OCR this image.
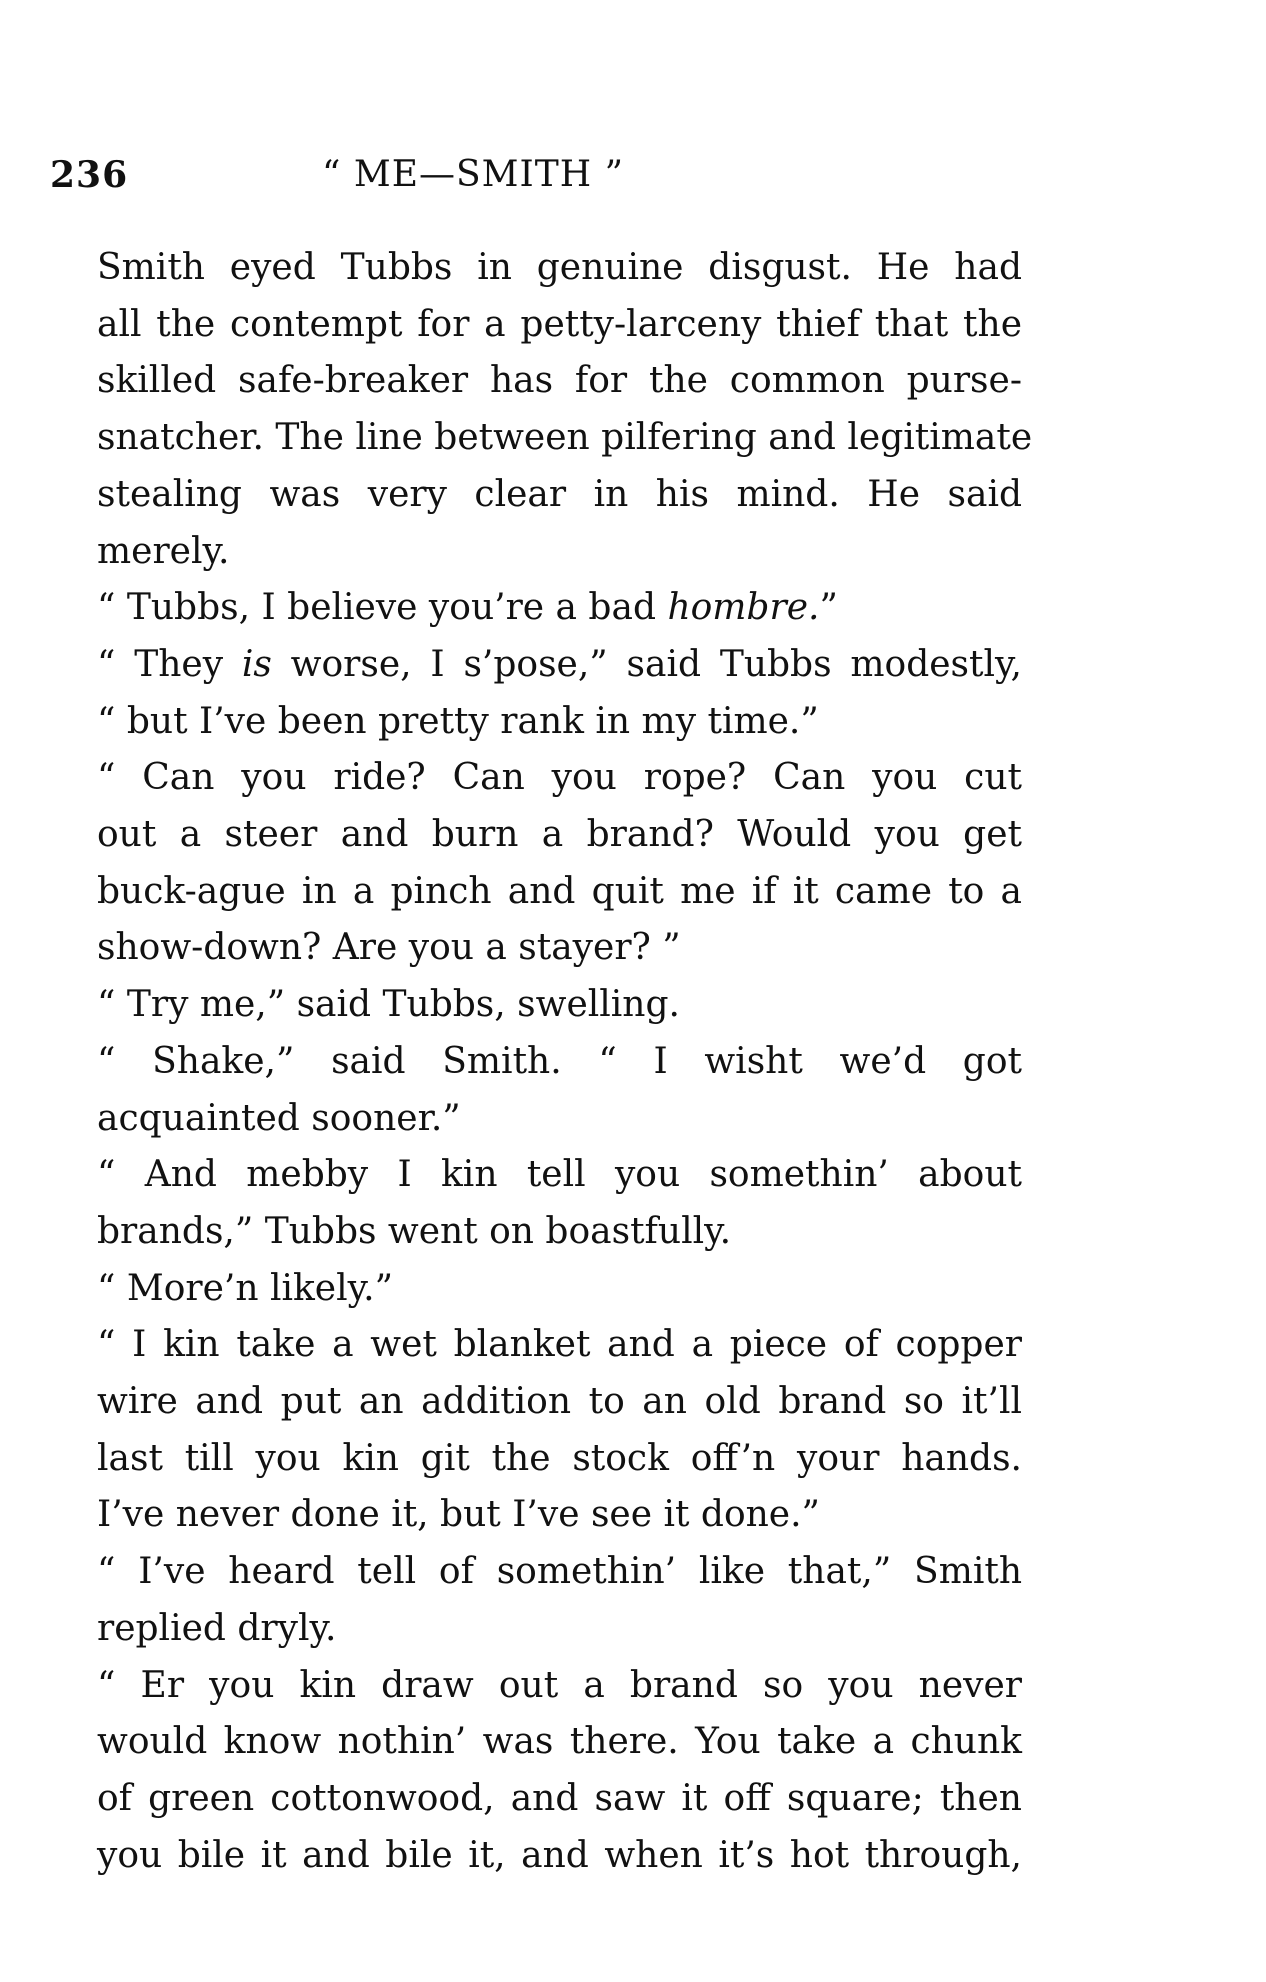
236	“ ME—SMITH ”

Smith eyed Tubbs in genuine disgust. He had
all the contempt for a petty-larceny thief that the
skilled safe-breaker has for the common purse-
snatcher. The line between pilfering and legitimate
stealing was very clear in his mind. He said
merely.

“ Tubbs, I believe you’re a bad hombre.”

“ They is worse, I s’pose,” said Tubbs modestly,
“ but I’ve been pretty rank in my time.”

“ Can you ride? Can you rope? Can you cut
out a steer and burn a brand? Would you get
buck-ague in a pinch and quit me if it came to a
show-down? Are you a stayer? ”

“ Try me,” said Tubbs, swelling.

“ Shake,” said Smith. “ I wisht we’d got
acquainted sooner.”

“ And mebby I kin tell you somethin’ about
brands,” Tubbs went on boastfully.

“ More’n likely.”

“ I kin take a wet blanket and a piece of copper
wire and put an addition to an old brand so it’ll
last till you kin git the stock off’n your hands.
I’ve never done it, but I’ve see it done.”

“ I’ve heard tell of somethin’ like that,” Smith
replied dryly.

“ Er you kin draw out a brand so you never
would know nothin’ was there. You take a chunk
of green cottonwood, and saw it off square; then
you bile it and bile it, and when it’s hot through,
